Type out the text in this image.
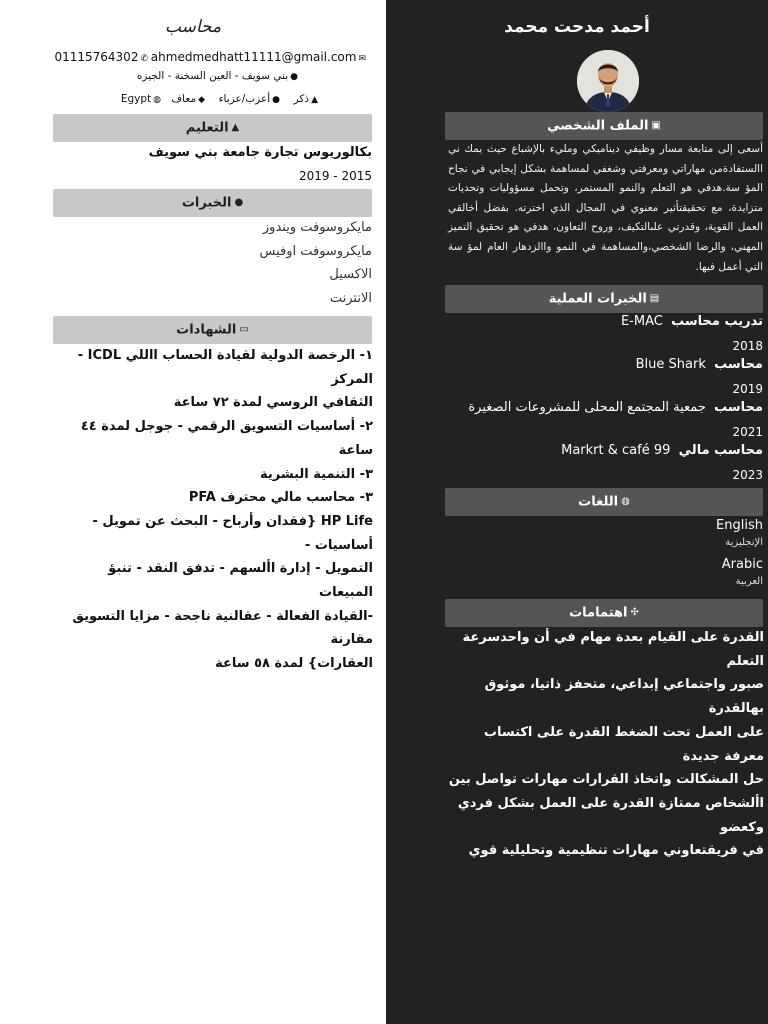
أحمد مدحت محمد
▣الملف الشخصي
أسعى إلى متابعة مسار وظيفي ديناميكي ومليء بالإشباع حيث يمك ني االستفادةمن مهاراتي ومعرفتي وشغفي لمساهمة بشكل إيجابي في نجاح المؤ سة.هدفي هو التعلم والنمو المستمر، وتحمل مسؤوليات وتحديات متزايدة، مع تحقيقتأثير معنوي في المجال الذي اخترته. بفضل أخالقي العمل القوية، وقدرتي علىالتكيف، وروح التعاون، هدفي هو تحقيق التميز المهني، والرضا الشخصي،والمساهمة في النمو واالزدهار العام لمؤ سة التي أعمل فيها.
▤الخبرات العملية
تدريب محاسب  E-MAC
2018
محاسب  Blue Shark
2019
محاسب  جمعية المجتمع المحلى للمشروعات الصغيرة
2021
محاسب مالي  Markrt & café 99
2023
◍اللغات
English
الإنجليزية
Arabic
العربية
✣اهتمامات
القدرة على القيام بعدة مهام في أن واحدسرعة التعلم
صبور واجتماعي إبداعي، متحفز ذاتيا، موثوق بهالقدرة
على العمل تحت الضغط القدرة على اكتساب معرفة جديدة
حل المشكالت واتخاذ القرارات مهارات تواصل بين
األشخاص ممتازة القدرة على العمل بشكل فردي وكعضو
في فريقتعاوني مهارات تنظيمية وتحليلية قوي
محاسب
✉ahmedmedhatt11111@gmail.com
✆01115764302
●بني سويف - العين السخنة - الجيزه
▲ذكر
●أعزب/عزباء
◆معاف
◍Egypt
▲التعليم
بكالوريوس تجارة جامعة بني سويف
2015 - 2019
●الخبرات
مايكروسوفت ويندوز
مايكروسوفت اوفيس
الاكسيل
الانترنت
▭الشهادات
١- الرخصة الدولية لقيادة الحساب االلي ICDL - المركز
الثقافي الروسي لمدة ٧٢ ساعة
٢- أساسيات التسويق الرقمي - جوجل لمدة ٤٤ ساعة
٣- التنمية البشرية
٣- محاسب مالي محترف PFA
HP Life {فقدان وأرباح - البحث عن تمويل - أساسيات -
التمويل - إدارة األسهم - تدفق النقد - تنبؤ المبيعات
-القيادة الفعالة - عقالنية ناجحة - مزايا التسويق مقارنة
العقارات} لمدة ٥٨ ساعة
